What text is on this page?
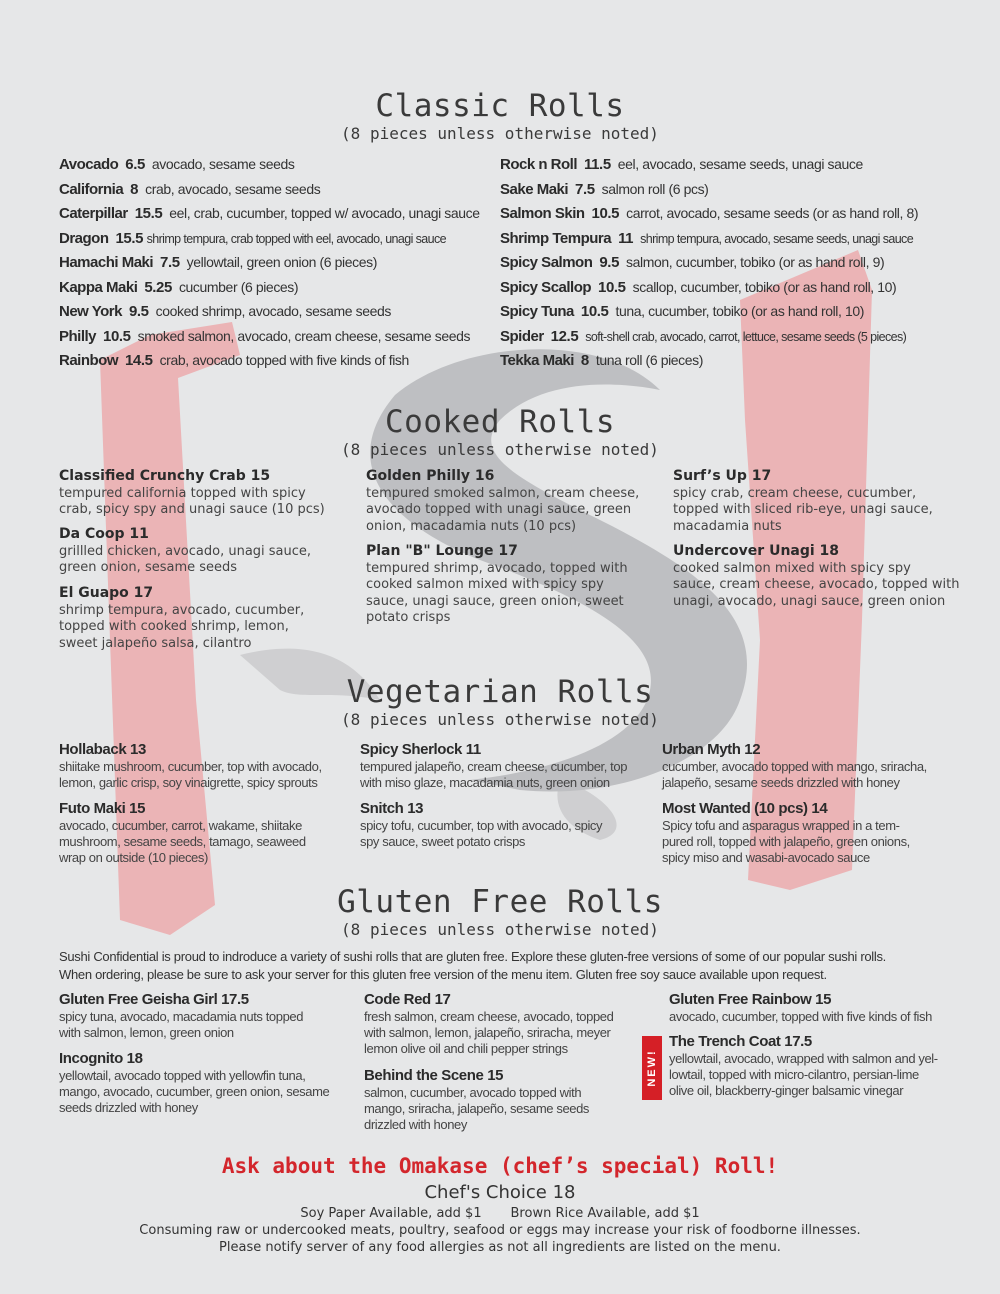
Classic Rolls
(8 pieces unless otherwise noted)
Avocado 6.5 avocado, sesame seeds
California 8 crab, avocado, sesame seeds
Caterpillar 15.5 eel, crab, cucumber, topped w/ avocado, unagi sauce
Dragon 15.5 shrimp tempura, crab topped with eel, avocado, unagi sauce
Hamachi Maki 7.5 yellowtail, green onion (6 pieces)
Kappa Maki 5.25 cucumber (6 pieces)
New York 9.5 cooked shrimp, avocado, sesame seeds
Philly 10.5 smoked salmon, avocado, cream cheese, sesame seeds
Rainbow 14.5 crab, avocado topped with five kinds of fish
Rock n Roll 11.5 eel, avocado, sesame seeds, unagi sauce
Sake Maki 7.5 salmon roll (6 pcs)
Salmon Skin 10.5 carrot, avocado, sesame seeds (or as hand roll, 8)
Shrimp Tempura 11 shrimp tempura, avocado, sesame seeds, unagi sauce
Spicy Salmon 9.5 salmon, cucumber, tobiko (or as hand roll, 9)
Spicy Scallop 10.5 scallop, cucumber, tobiko (or as hand roll, 10)
Spicy Tuna 10.5 tuna, cucumber, tobiko (or as hand roll, 10)
Spider 12.5 soft-shell crab, avocado, carrot, lettuce, sesame seeds (5 pieces)
Tekka Maki 8 tuna roll (6 pieces)
Cooked Rolls
(8 pieces unless otherwise noted)
Classified Crunchy Crab 15
tempured california topped with spicy
crab, spicy spy and unagi sauce (10 pcs)
Da Coop 11
grillled chicken, avocado, unagi sauce,
green onion, sesame seeds
El Guapo 17
shrimp tempura, avocado, cucumber,
topped with cooked shrimp, lemon,
sweet jalapeño salsa, cilantro
Golden Philly 16
tempured smoked salmon, cream cheese,
avocado topped with unagi sauce, green
onion, macadamia nuts (10 pcs)
Plan "B" Lounge 17
tempured shrimp, avocado, topped with
cooked salmon mixed with spicy spy
sauce, unagi sauce, green onion, sweet
potato crisps
Surf’s Up 17
spicy crab, cream cheese, cucumber,
topped with sliced rib-eye, unagi sauce,
macadamia nuts
Undercover Unagi 18
cooked salmon mixed with spicy spy
sauce, cream cheese, avocado, topped with
unagi, avocado, unagi sauce, green onion
Vegetarian Rolls
(8 pieces unless otherwise noted)
Hollaback 13
shiitake mushroom, cucumber, top with avocado,
lemon, garlic crisp, soy vinaigrette, spicy sprouts
Futo Maki 15
avocado, cucumber, carrot, wakame, shiitake
mushroom, sesame seeds, tamago, seaweed
wrap on outside (10 pieces)
Spicy Sherlock 11
tempured jalapeño, cream cheese, cucumber, top
with miso glaze, macadamia nuts, green onion
Snitch 13
spicy tofu, cucumber, top with avocado, spicy
spy sauce, sweet potato crisps
Urban Myth 12
cucumber, avocado topped with mango, sriracha,
jalapeño, sesame seeds drizzled with honey
Most Wanted (10 pcs) 14
Spicy tofu and asparagus wrapped in a tem-
pured roll, topped with jalapeño, green onions,
spicy miso and wasabi-avocado sauce
Gluten Free Rolls
(8 pieces unless otherwise noted)
Sushi Confidential is proud to indroduce a variety of sushi rolls that are gluten free. Explore these gluten-free versions of some of our popular sushi rolls.
When ordering, please be sure to ask your server for this gluten free version of the menu item. Gluten free soy sauce available upon request.
Gluten Free Geisha Girl 17.5
spicy tuna, avocado, macadamia nuts topped
with salmon, lemon, green onion
Incognito 18
yellowtail, avocado topped with yellowfin tuna,
mango, avocado, cucumber, green onion, sesame
seeds drizzled with honey
Code Red 17
fresh salmon, cream cheese, avocado, topped
with salmon, lemon, jalapeño, sriracha, meyer
lemon olive oil and chili pepper strings
Behind the Scene 15
salmon, cucumber, avocado topped with
mango, sriracha, jalapeño, sesame seeds
drizzled with honey
Gluten Free Rainbow 15
avocado, cucumber, topped with five kinds of fish
NEW!
The Trench Coat 17.5
yellowtail, avocado, wrapped with salmon and yel-
lowtail, topped with micro-cilantro, persian-lime
olive oil, blackberry-ginger balsamic vinegar
Ask about the Omakase (chef’s special) Roll!
Chef's Choice 18
Soy Paper Available, add $1       Brown Rice Available, add $1
Consuming raw or undercooked meats, poultry, seafood or eggs may increase your risk of foodborne illnesses.
Please notify server of any food allergies as not all ingredients are listed on the menu.
